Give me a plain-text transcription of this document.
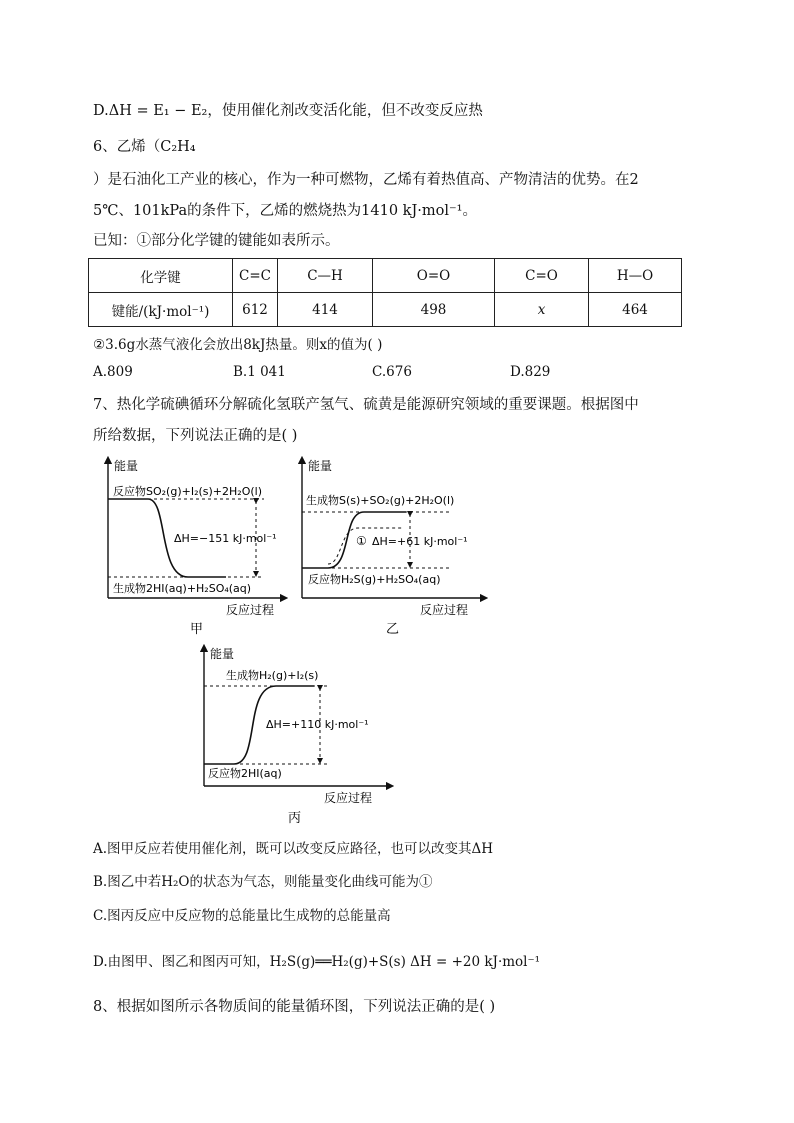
D.ΔH = E₁ − E₂，使用催化剂改变活化能，但不改变反应热
6、乙烯（C₂H₄
）是石油化工产业的核心，作为一种可燃物，乙烯有着热值高、产物清洁的优势。在2
5℃、101kPa的条件下，乙烯的燃烧热为1410 kJ·mol⁻¹。
已知：①部分化学键的键能如表所示。
化学键	C=C	C—H	O=O	C=O	H—O
键能/(kJ·mol⁻¹)	612	414	498	x	464
②3.6g水蒸气液化会放出8kJ热量。则x的值为( )
A.809	B.1 041	C.676	D.829
7、热化学硫碘循环分解硫化氢联产氢气、硫黄是能源研究领域的重要课题。根据图中
所给数据，下列说法正确的是( )
能量
反应过程
反应物SO₂(g)+I₂(s)+2H₂O(l)
生成物2HI(aq)+H₂SO₄(aq)
ΔH=−151 kJ·mol⁻¹
甲
能量
反应过程
生成物S(s)+SO₂(g)+2H₂O(l)
反应物H₂S(g)+H₂SO₄(aq)
① ΔH=+61 kJ·mol⁻¹
乙
能量
反应过程
生成物H₂(g)+I₂(s)
反应物2HI(aq)
ΔH=+110 kJ·mol⁻¹
丙
A.图甲反应若使用催化剂，既可以改变反应路径，也可以改变其ΔH
B.图乙中若H₂O的状态为气态，则能量变化曲线可能为①
C.图丙反应中反应物的总能量比生成物的总能量高
D.由图甲、图乙和图丙可知，H₂S(g)══H₂(g)+S(s) ΔH = +20 kJ·mol⁻¹
8、根据如图所示各物质间的能量循环图，下列说法正确的是( )
